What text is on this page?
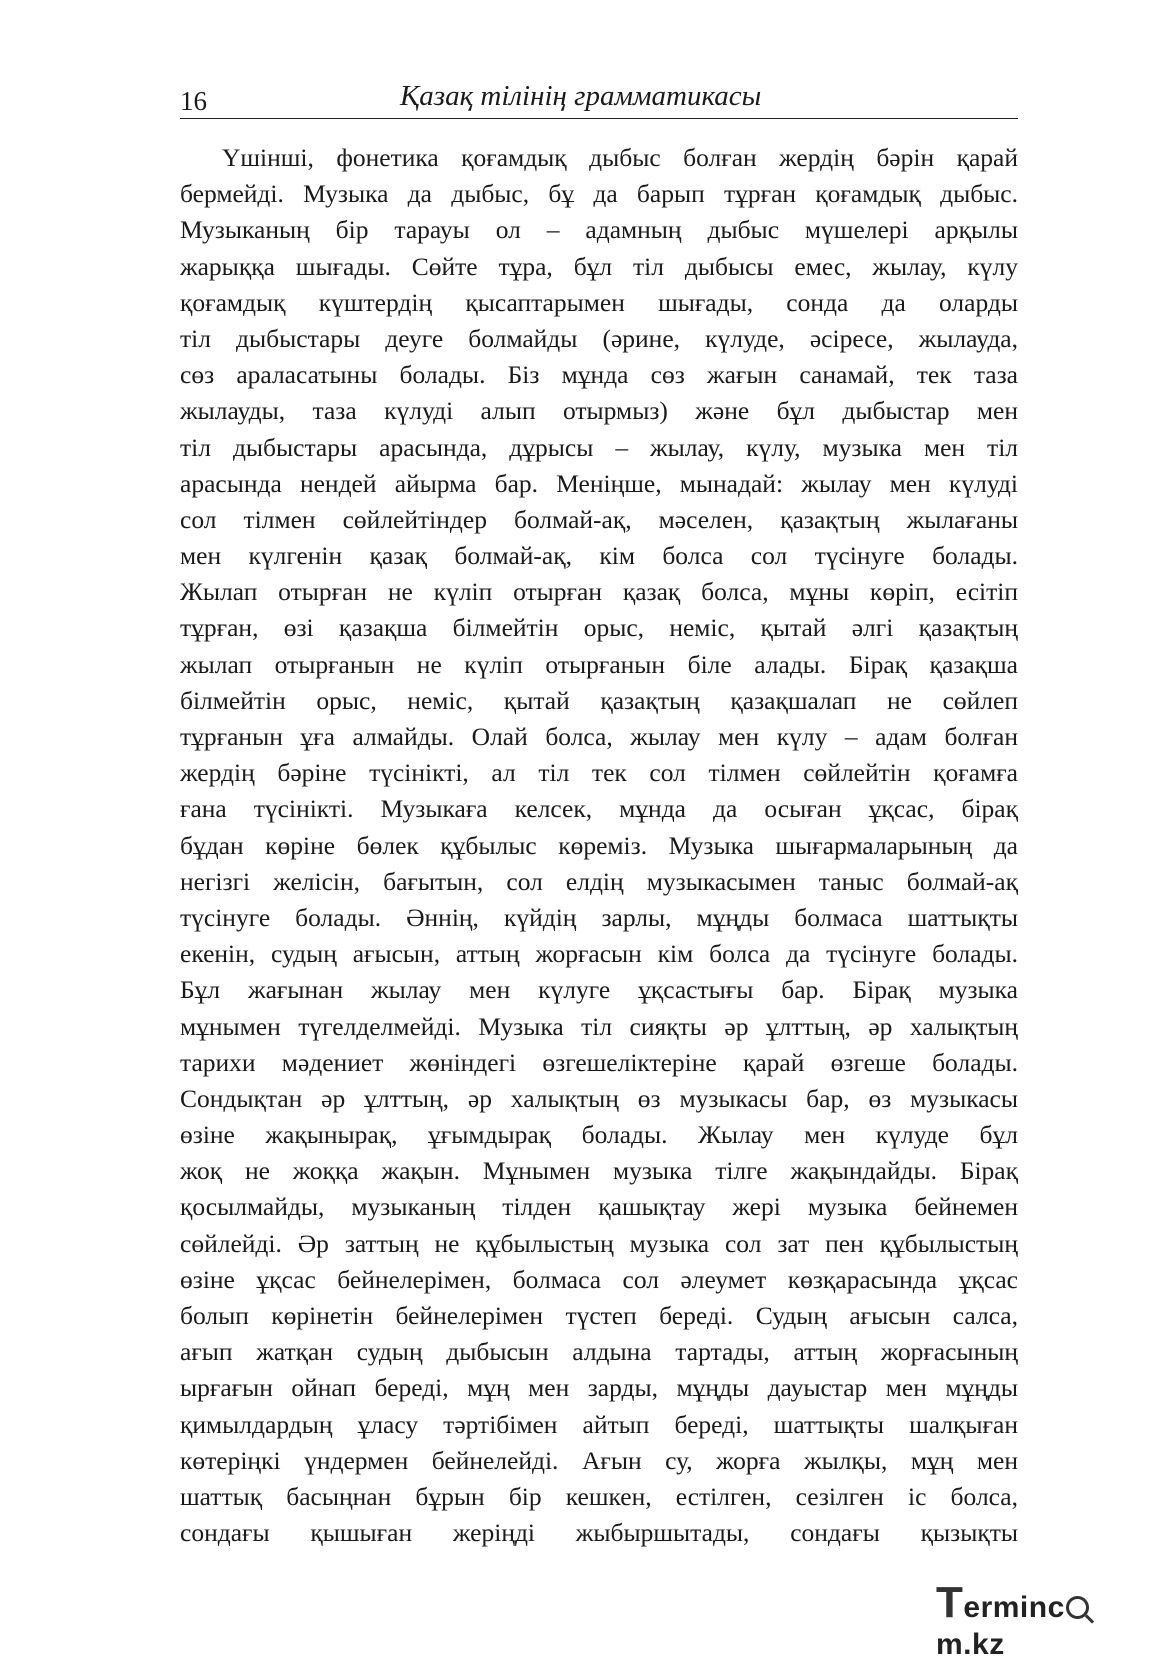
16	Қазақ тілінің грамматикасы
Үшінші, фонетика қоғамдық дыбыс болған жердің бәрін қарай
бермейді. Музыка да дыбыс, бұ да барып тұрған қоғамдық дыбыс.
Музыканың бір тарауы ол – адамның дыбыс мүшелері арқылы
жарыққа шығады. Сөйте тұра, бұл тіл дыбысы емес, жылау, күлу
қоғамдық күштердің қысаптарымен шығады, сонда да оларды
тіл дыбыстары деуге болмайды (әрине, күлуде, әсіресе, жылауда,
сөз араласатыны болады. Біз мұнда сөз жағын санамай, тек таза
жылауды, таза күлуді алып отырмыз) және бұл дыбыстар мен
тіл дыбыстары арасында, дұрысы – жылау, күлу, музыка мен тіл
арасында нендей айырма бар. Меніңше, мынадай: жылау мен күлуді
сол тілмен сөйлейтіндер болмай-ақ, мәселен, қазақтың жылағаны
мен күлгенін қазақ болмай-ақ, кім болса сол түсінуге болады.
Жылап отырған не күліп отырған қазақ болса, мұны көріп, есітіп
тұрған, өзі қазақша білмейтін орыс, неміс, қытай әлгі қазақтың
жылап отырғанын не күліп отырғанын біле алады. Бірақ қазақша
білмейтін орыс, неміс, қытай қазақтың қазақшалап не сөйлеп
тұрғанын ұға алмайды. Олай болса, жылау мен күлу – адам болған
жердің бәріне түсінікті, ал тіл тек сол тілмен сөйлейтін қоғамға
ғана түсінікті. Музыкаға келсек, мұнда да осыған ұқсас, бірақ
бұдан көріне бөлек құбылыс көреміз. Музыка шығармаларының да
негізгі желісін, бағытын, сол елдің музыкасымен таныс болмай-ақ
түсінуге болады. Әннің, күйдің зарлы, мұңды болмаса шаттықты
екенін, судың ағысын, аттың жорғасын кім болса да түсінуге болады.
Бұл жағынан жылау мен күлуге ұқсастығы бар. Бірақ музыка
мұнымен түгелделмейді. Музыка тіл сияқты әр ұлттың, әр халықтың
тарихи мәдениет жөніндегі өзгешеліктеріне қарай өзгеше болады.
Сондықтан әр ұлттың, әр халықтың өз музыкасы бар, өз музыкасы
өзіне жақынырақ, ұғымдырақ болады. Жылау мен күлуде бұл
жоқ не жоққа жақын. Мұнымен музыка тілге жақындайды. Бірақ
қосылмайды, музыканың тілден қашықтау жері музыка бейнемен
сөйлейді. Әр заттың не құбылыстың музыка сол зат пен құбылыстың
өзіне ұқсас бейнелерімен, болмаса сол әлеумет көзқарасында ұқсас
болып көрінетін бейнелерімен түстеп береді. Судың ағысын салса,
ағып жатқан судың дыбысын алдына тартады, аттың жорғасының
ырғағын ойнап береді, мұң мен зарды, мұңды дауыстар мен мұңды
қимылдардың ұласу тәртібімен айтып береді, шаттықты шалқыған
көтеріңкі үндермен бейнелейді. Ағын су, жорға жылқы, мұң мен
шаттық басыңнан бұрын бір кешкен, естілген, сезілген іс болса,
сондағы қышыған жеріңді жыбыршытады, сондағы қызықты
Termincm.kz
